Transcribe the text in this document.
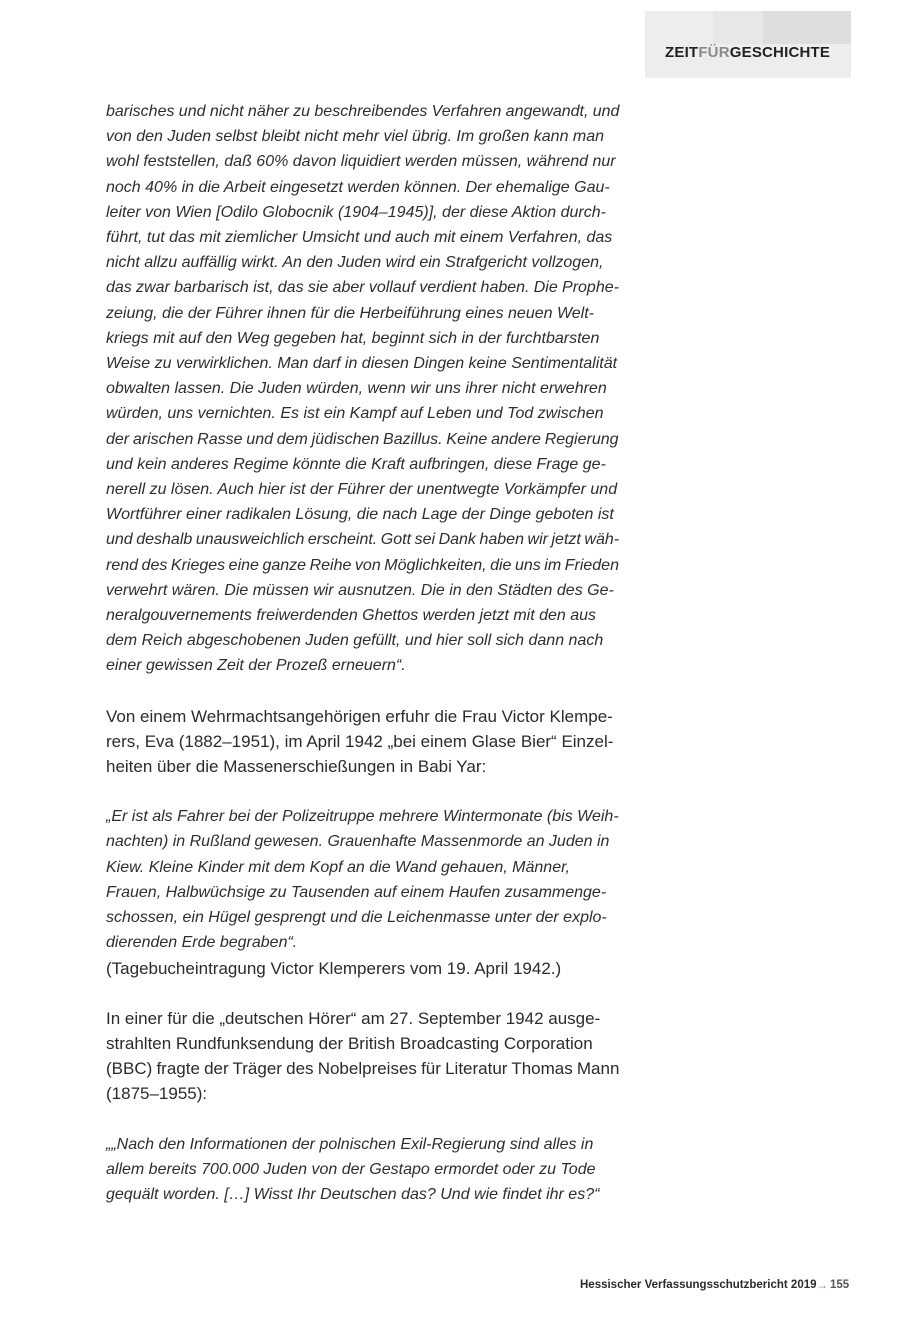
ZEITFÜRGESCHICHTE

barisches und nicht näher zu beschreibendes Verfahren angewandt, und
von den Juden selbst bleibt nicht mehr viel übrig. Im großen kann man
wohl feststellen, daß 60% davon liquidiert werden müssen, während nur
noch 40% in die Arbeit eingesetzt werden können. Der ehemalige Gau-
leiter von Wien [Odilo Globocnik (1904–1945)], der diese Aktion durch-
führt, tut das mit ziemlicher Umsicht und auch mit einem Verfahren, das
nicht allzu auffällig wirkt. An den Juden wird ein Strafgericht vollzogen,
das zwar barbarisch ist, das sie aber vollauf verdient haben. Die Prophe-
zeiung, die der Führer ihnen für die Herbeiführung eines neuen Welt-
kriegs mit auf den Weg gegeben hat, beginnt sich in der furchtbarsten
Weise zu verwirklichen. Man darf in diesen Dingen keine Sentimentalität
obwalten lassen. Die Juden würden, wenn wir uns ihrer nicht erwehren
würden, uns vernichten. Es ist ein Kampf auf Leben und Tod zwischen
der arischen Rasse und dem jüdischen Bazillus. Keine andere Regierung
und kein anderes Regime könnte die Kraft aufbringen, diese Frage ge-
nerell zu lösen. Auch hier ist der Führer der unentwegte Vorkämpfer und
Wortführer einer radikalen Lösung, die nach Lage der Dinge geboten ist
und deshalb unausweichlich erscheint. Gott sei Dank haben wir jetzt wäh-
rend des Krieges eine ganze Reihe von Möglichkeiten, die uns im Frieden
verwehrt wären. Die müssen wir ausnutzen. Die in den Städten des Ge-
neralgouvernements freiwerdenden Ghettos werden jetzt mit den aus
dem Reich abgeschobenen Juden gefüllt, und hier soll sich dann nach
einer gewissen Zeit der Prozeß erneuern“.

Von einem Wehrmachtsangehörigen erfuhr die Frau Victor Klempe-
rers, Eva (1882–1951), im April 1942 „bei einem Glase Bier“ Einzel-
heiten über die Massenerschießungen in Babi Yar:

„Er ist als Fahrer bei der Polizeitruppe mehrere Wintermonate (bis Weih-
nachten) in Rußland gewesen. Grauenhafte Massenmorde an Juden in
Kiew. Kleine Kinder mit dem Kopf an die Wand gehauen, Männer,
Frauen, Halbwüchsige zu Tausenden auf einem Haufen zusammenge-
schossen, ein Hügel gesprengt und die Leichenmasse unter der explo-
dierenden Erde begraben“.

(Tagebucheintragung Victor Klemperers vom 19. April 1942.)

In einer für die „deutschen Hörer“ am 27. September 1942 ausge-
strahlten Rundfunksendung der British Broadcasting Corporation
(BBC) fragte der Träger des Nobelpreises für Literatur Thomas Mann
(1875–1955):

„„Nach den Informationen der polnischen Exil-Regierung sind alles in
allem bereits 700.000 Juden von der Gestapo ermordet oder zu Tode
gequält worden. […] Wisst Ihr Deutschen das? Und wie findet ihr es?“

Hessischer Verfassungsschutzbericht 2019 → 155
